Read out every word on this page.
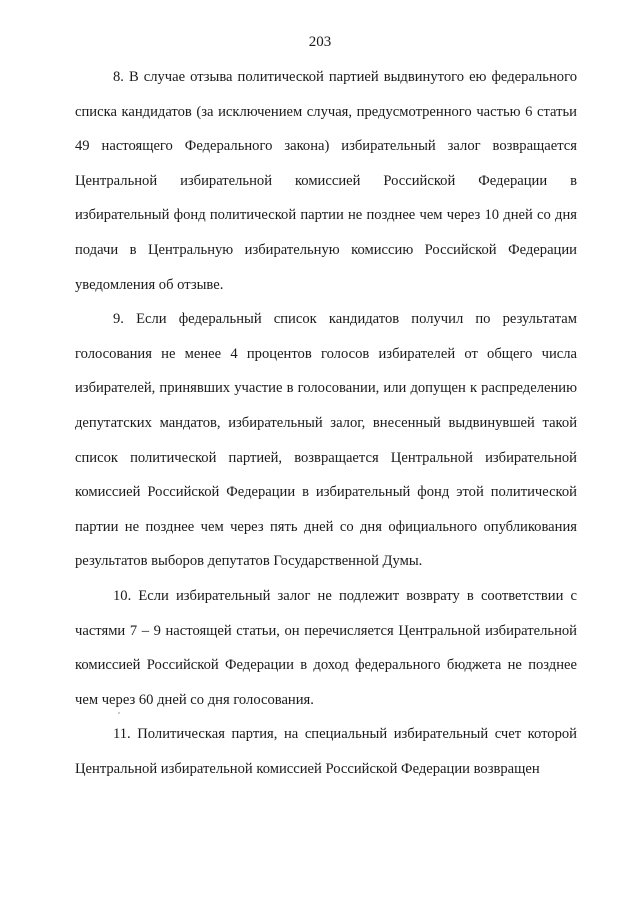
203

8. В случае отзыва политической партией выдвинутого ею федерального списка кандидатов (за исключением случая, предусмотренного частью 6 статьи 49 настоящего Федерального закона) избирательный залог возвращается Центральной избирательной комиссией Российской Федерации в избирательный фонд политической партии не позднее чем через 10 дней со дня подачи в Центральную избирательную комиссию Российской Федерации уведомления об отзыве.

9. Если федеральный список кандидатов получил по результатам голосования не менее 4 процентов голосов избирателей от общего числа избирателей, принявших участие в голосовании, или допущен к распределению депутатских мандатов, избирательный залог, внесенный выдвинувшей такой список политической партией, возвращается Центральной избирательной комиссией Российской Федерации в избирательный фонд этой политической партии не позднее чем через пять дней со дня официального опубликования результатов выборов депутатов Государственной Думы.

10. Если избирательный залог не подлежит возврату в соответствии с частями 7 – 9 настоящей статьи, он перечисляется Центральной избирательной комиссией Российской Федерации в доход федерального бюджета не позднее чем через 60 дней со дня голосования.

11. Политическая партия, на специальный избирательный счет которой Центральной избирательной комиссией Российской Федерации возвращен
